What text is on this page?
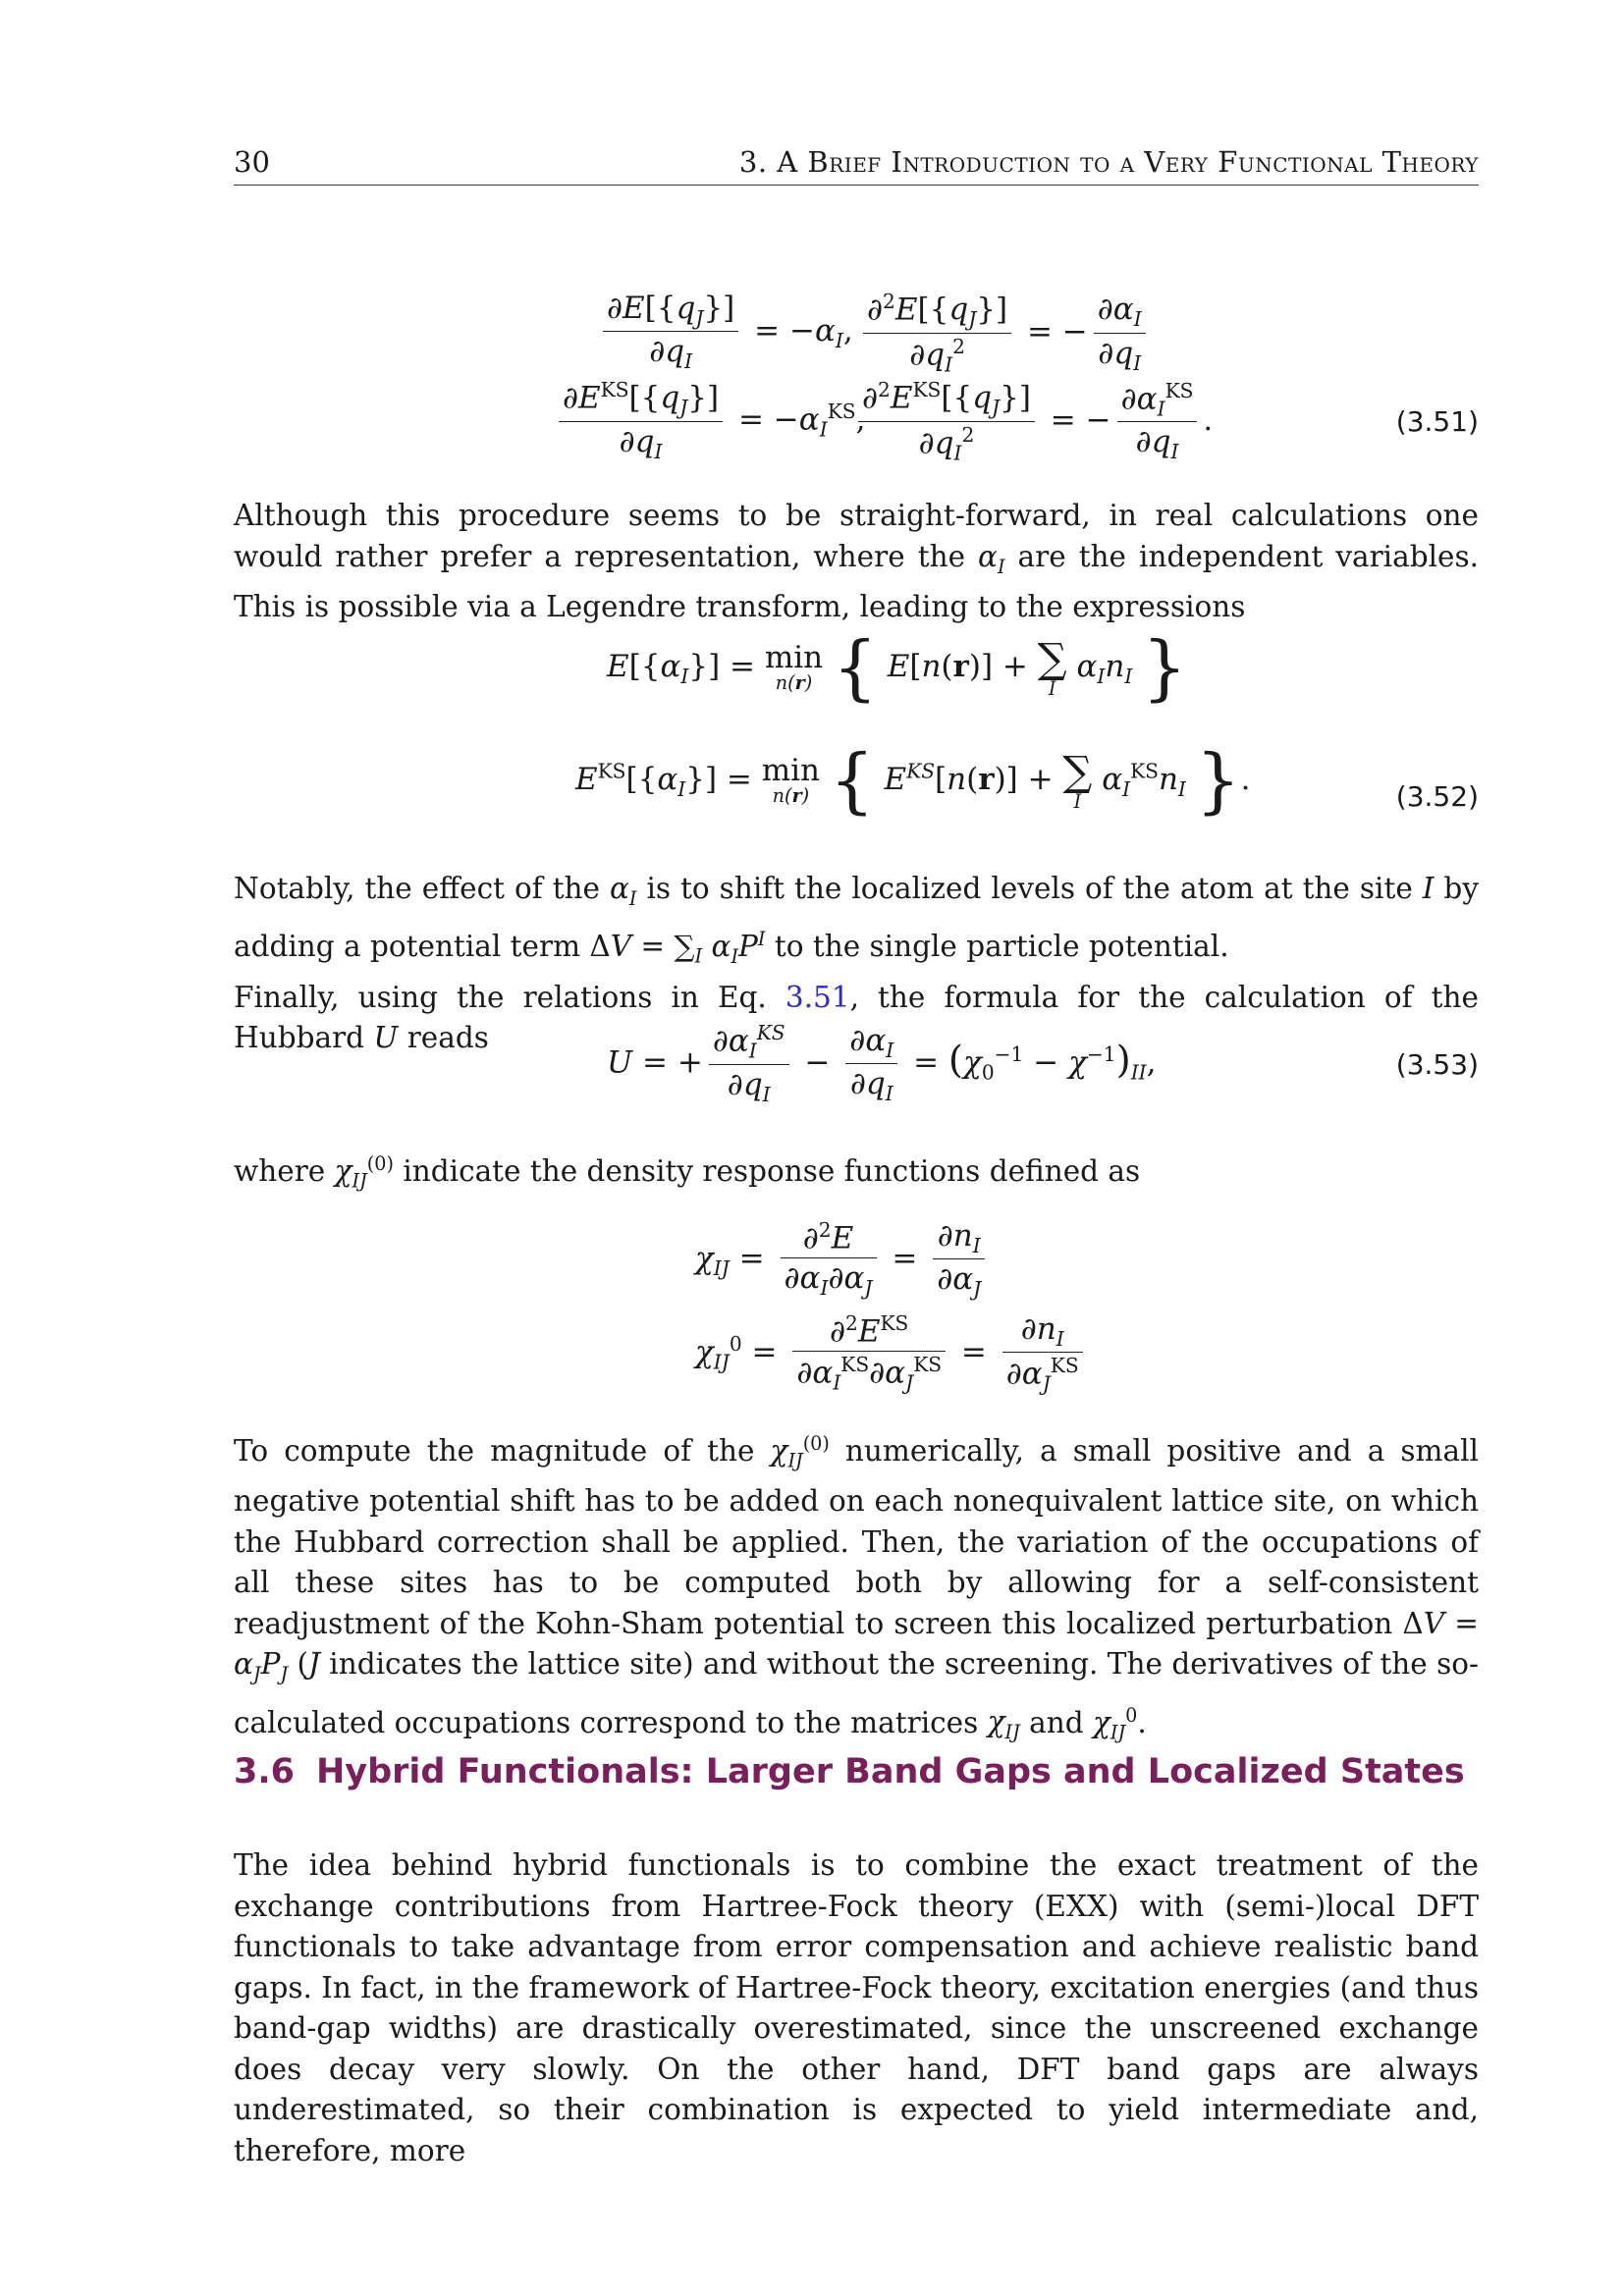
30	3. A Brief Introduction to a Very Functional Theory
$\frac{\partial E[\{q_J\}]}{\partial q_I} = -\alpha_I$, $\frac{\partial^2E[\{q_J\}]}{\partial q_I^2}$ = − $\frac{\partial\alpha_I}{\partial q_I}$
$\frac{\partial E^{KS}[\{q_J\}]}{\partial q_I} = -\alpha_I^{KS}$,
$\frac{\partial^2E^{KS}[\{q_J\}]}{\partial q_I^2}$ = − $\frac{\partial\alpha_I^{KS}}{\partial q_I}$ .	(3.51)

Although this procedure seems to be straight-forward, in real calculations one would rather prefer a representation, where the $\alpha_I$ are the independent variables. This is possible via a Legendre transform, leading to the expressions

$E[\{\alpha_I\}] = \min$
n(r) { E[n(r)] + ∑
I
$\alpha_In_I$ }
$E^{KS}[\{\alpha_I\}] = \min$
n(r) { $E^{KS}[n(r)]$ + ∑
I
$\alpha_I^{KS}n_I$ }.	(3.52)

Notably, the effect of the $\alpha_I$ is to shift the localized levels of the atom at the site I by adding a potential term $\Delta V = \sum_I$ $\alpha_IP^I$ to the single particle potential.
Finally, using the relations in Eq. 3.51, the formula for the calculation of the Hubbard U reads

U = + $\frac{\partial\alpha_I^{KS}}{\partial q_I} - \frac{\partial\alpha_I}{\partial q_I} = (\chi_0^{-1} - \chi^{-1})_{II}$,	(3.53)

where $\chi_{IJ}^{(0)}$ indicate the density response functions defined as

$\chi_{IJ} = \frac{\partial^2E}{\partial\alpha_I\partial\alpha_J} = \frac{\partial n_I}{\partial\alpha_J}$
$\chi_{IJ}^0 = \frac{\partial^2E^{KS}}{\partial\alpha_I^{KS}\partial\alpha_J^{KS}} = \frac{\partial n_I}{\partial\alpha_J^{KS}}$

To compute the magnitude of the $\chi_{IJ}^{(0)}$ numerically, a small positive and a small negative potential shift has to be added on each nonequivalent lattice site, on which the Hubbard correction shall be applied. Then, the variation of the occupations of all these sites has to be computed both by allowing for a self-consistent readjustment of the Kohn-Sham potential to screen this localized perturbation $\Delta V = \alpha_JP_J$ (J indicates the lattice site) and without the screening. The derivatives of the so-calculated occupations correspond to the matrices $\chi_{IJ}$ and $\chi_{IJ}^0$.

3.6 Hybrid Functionals: Larger Band Gaps and Localized States

The idea behind hybrid functionals is to combine the exact treatment of the exchange contributions from Hartree-Fock theory (EXX) with (semi-)local DFT functionals to take advantage from error compensation and achieve realistic band gaps. In fact, in the framework of Hartree-Fock theory, excitation energies (and thus band-gap widths) are drastically overestimated, since the unscreened exchange does decay very slowly. On the other hand, DFT band gaps are always underestimated, so their combination is expected to yield intermediate and, therefore, more
